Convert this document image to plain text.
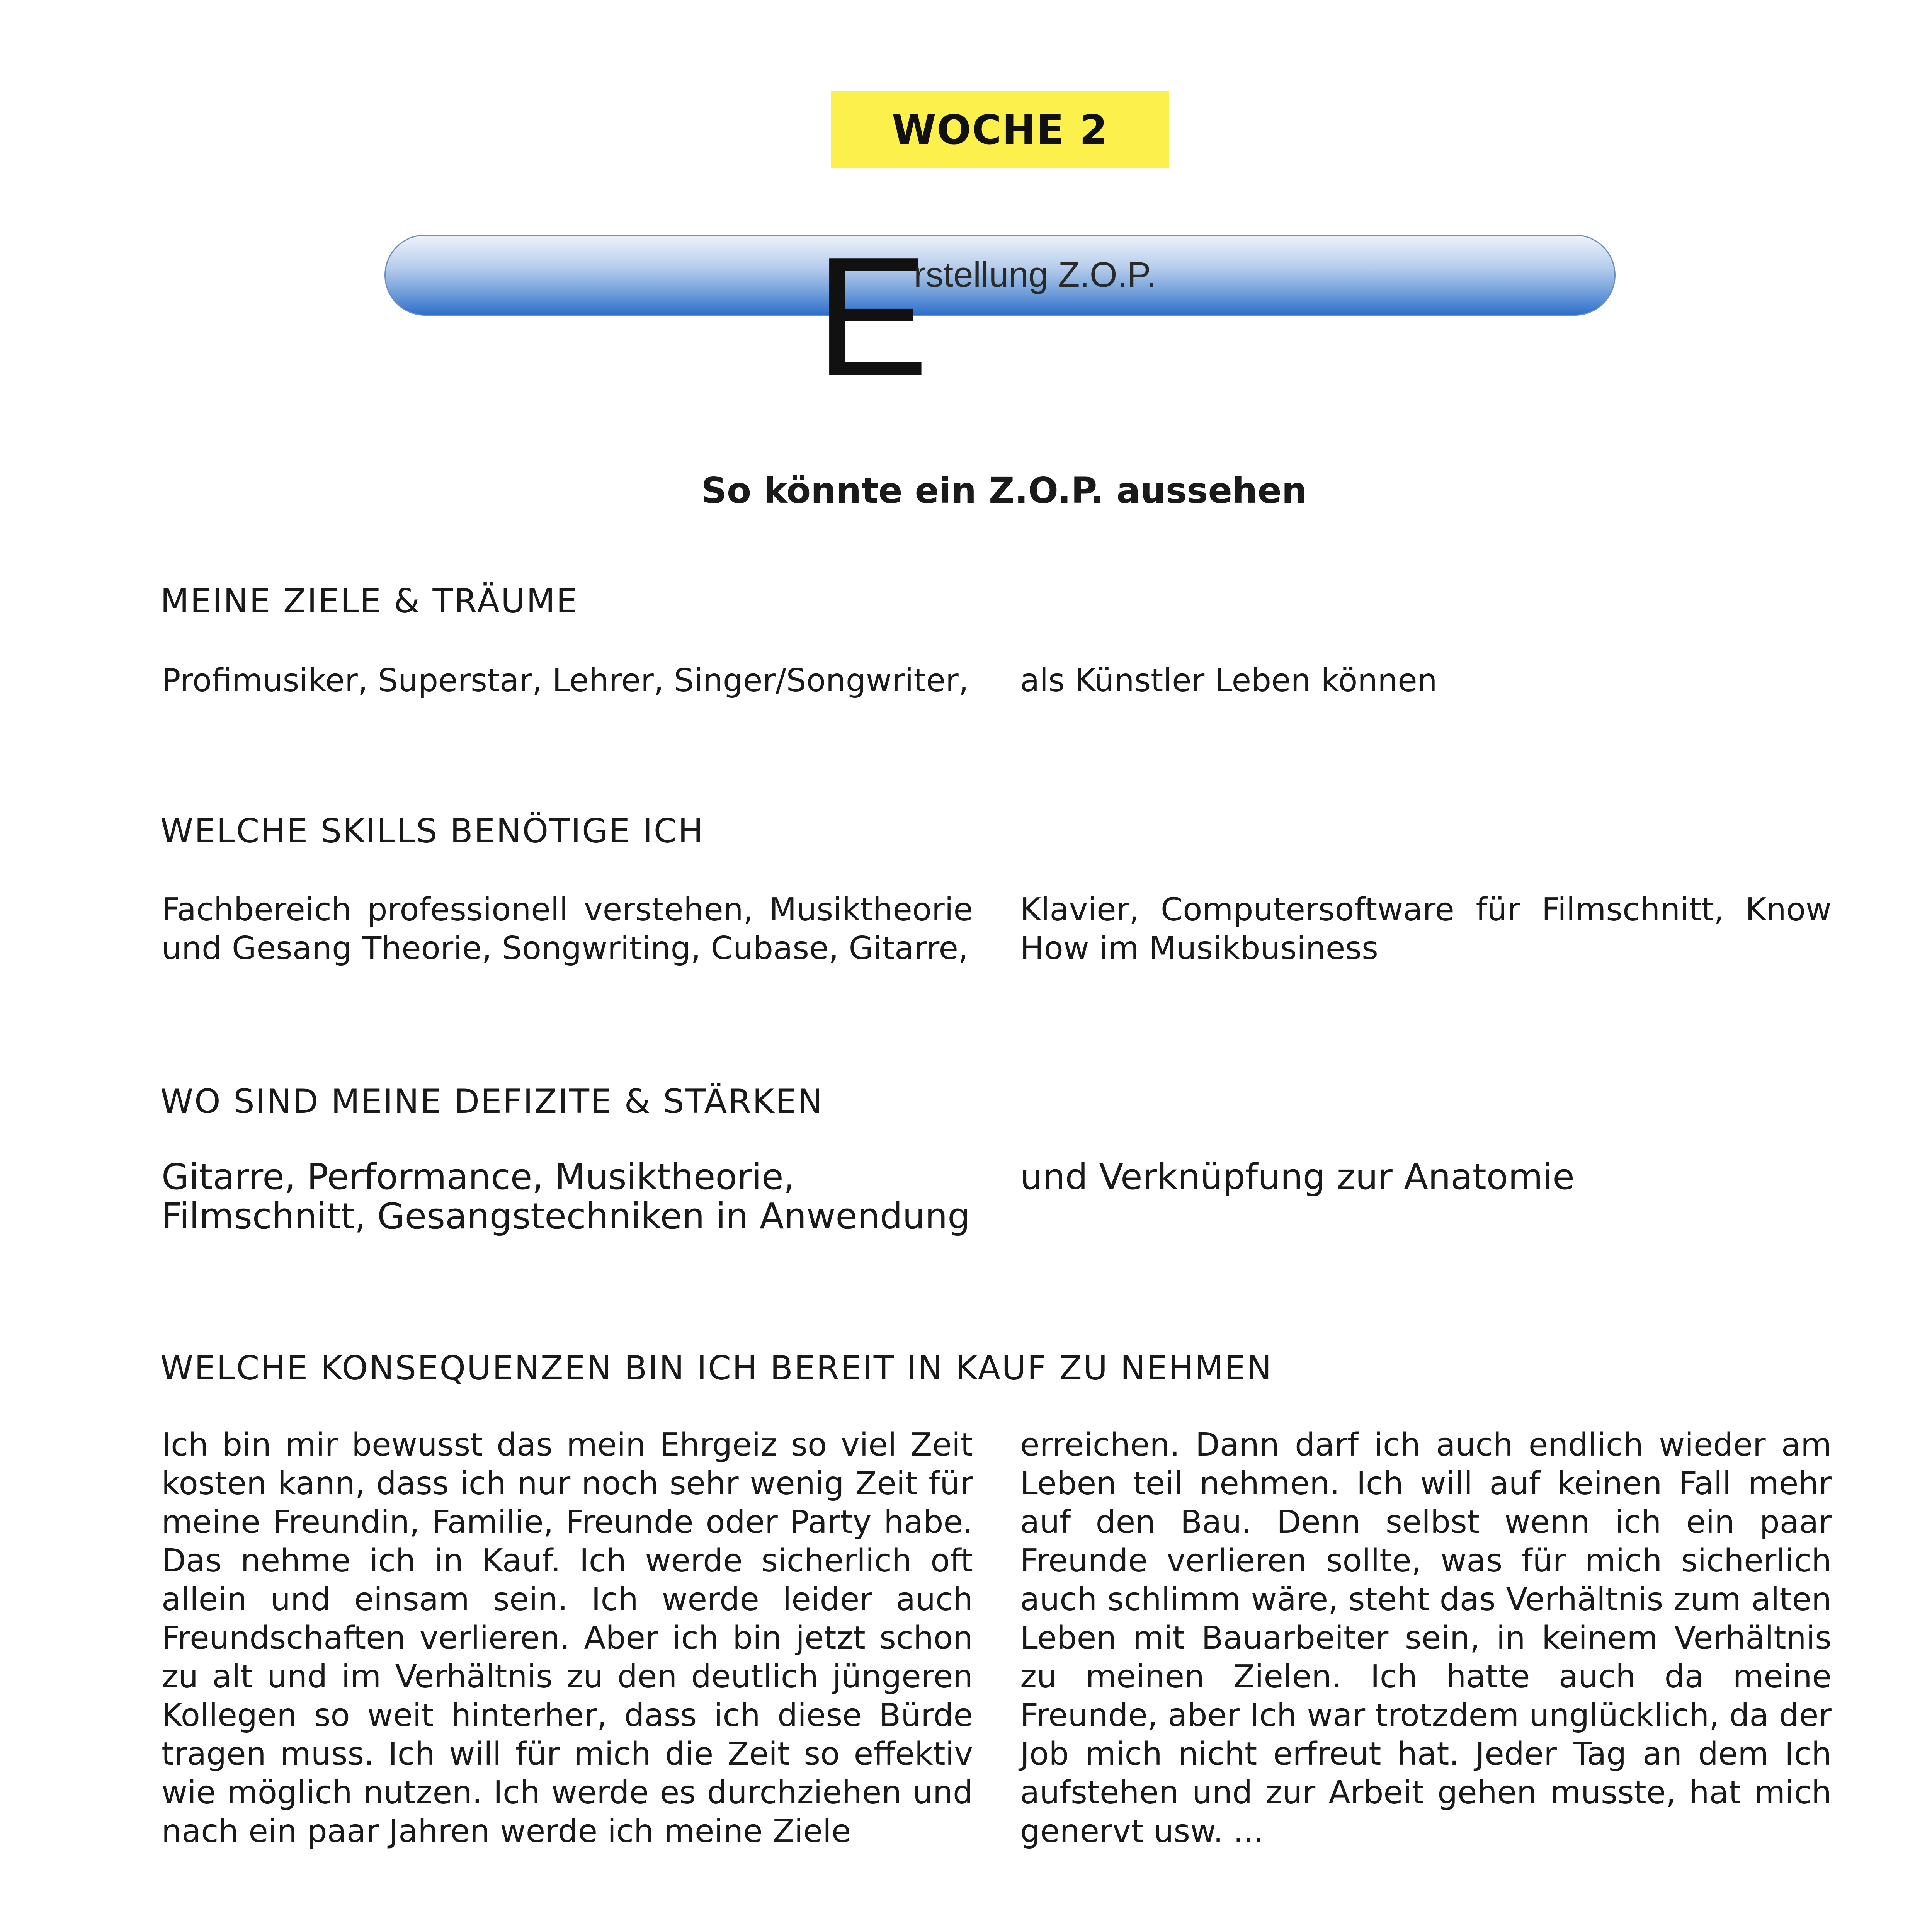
WOCHE 2
E
rstellung Z.O.P.
So könnte ein Z.O.P. aussehen
MEINE ZIELE & TRÄUME
Profimusiker, Superstar, Lehrer, Singer/Songwriter, als Künstler Leben können
WELCHE SKILLS BENÖTIGE ICH
Fachbereich professionell verstehen, Musiktheorie und Gesang Theorie, Songwriting, Cubase, Gitarre,
Klavier, Computersoftware für Filmschnitt, Know How im Musikbusiness
WO SIND MEINE DEFIZITE & STÄRKEN
Gitarre, Performance, Musiktheorie, Filmschnitt, Gesangstechniken in Anwendung
und Verknüpfung zur Anatomie
WELCHE KONSEQUENZEN BIN ICH BEREIT IN KAUF ZU NEHMEN
Ich bin mir bewusst das mein Ehrgeiz so viel Zeit kosten kann, dass ich nur noch sehr wenig Zeit für meine Freundin, Familie, Freunde oder Party habe. Das nehme ich in Kauf. Ich werde sicherlich oft allein und einsam sein. Ich werde leider auch Freundschaften verlieren. Aber ich bin jetzt schon zu alt und im Verhältnis zu den deutlich jüngeren Kollegen so weit hinterher, dass ich diese Bürde tragen muss. Ich will für mich die Zeit so effektiv wie möglich nutzen. Ich werde es durchziehen und nach ein paar Jahren werde ich meine Ziele
erreichen. Dann darf ich auch endlich wieder am Leben teil nehmen. Ich will auf keinen Fall mehr auf den Bau. Denn selbst wenn ich ein paar Freunde verlieren sollte, was für mich sicherlich auch schlimm wäre, steht das Verhältnis zum alten Leben mit Bauarbeiter sein, in keinem Verhältnis zu meinen Zielen. Ich hatte auch da meine Freunde, aber Ich war trotzdem unglücklich, da der Job mich nicht erfreut hat. Jeder Tag an dem Ich aufstehen und zur Arbeit gehen musste, hat mich genervt usw. ...
